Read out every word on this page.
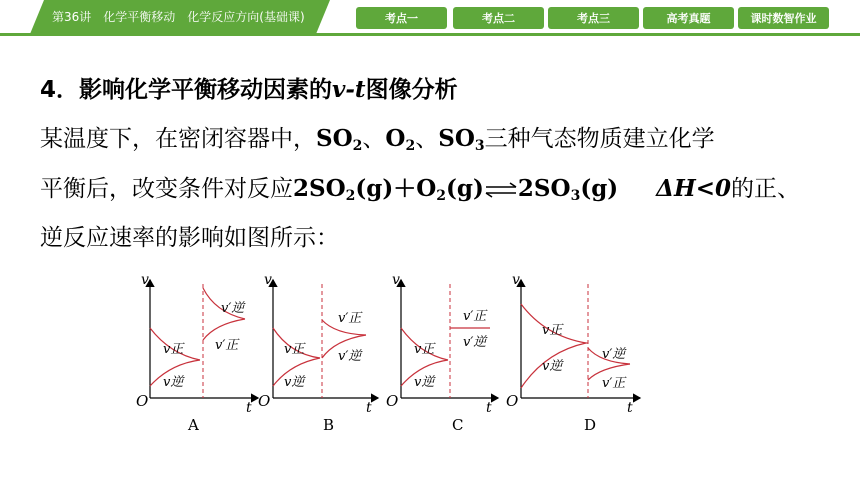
第36讲　化学平衡移动　化学反应方向(基础课)	考点一	考点二	考点三	高考真题	课时数智作业
4．影响化学平衡移动因素的v-t图像分析
某温度下，在密闭容器中，$SO_2$、$O_2$、$SO_3$三种气态物质建立化学
平衡后，改变条件对反应$2SO_2(g)+O_2(g)\rightleftharpoons 2SO_3(g)$ ΔH<0的正、
逆反应速率的影响如图所示：
v
t
O
v正
v逆
v′逆
v′正
A
v
t
O
v正
v逆
v′正
v′逆
B
v
t
O
v正
v逆
v′正
v′逆
C
v
t
O
v正
v逆
v′逆
v′正
D
